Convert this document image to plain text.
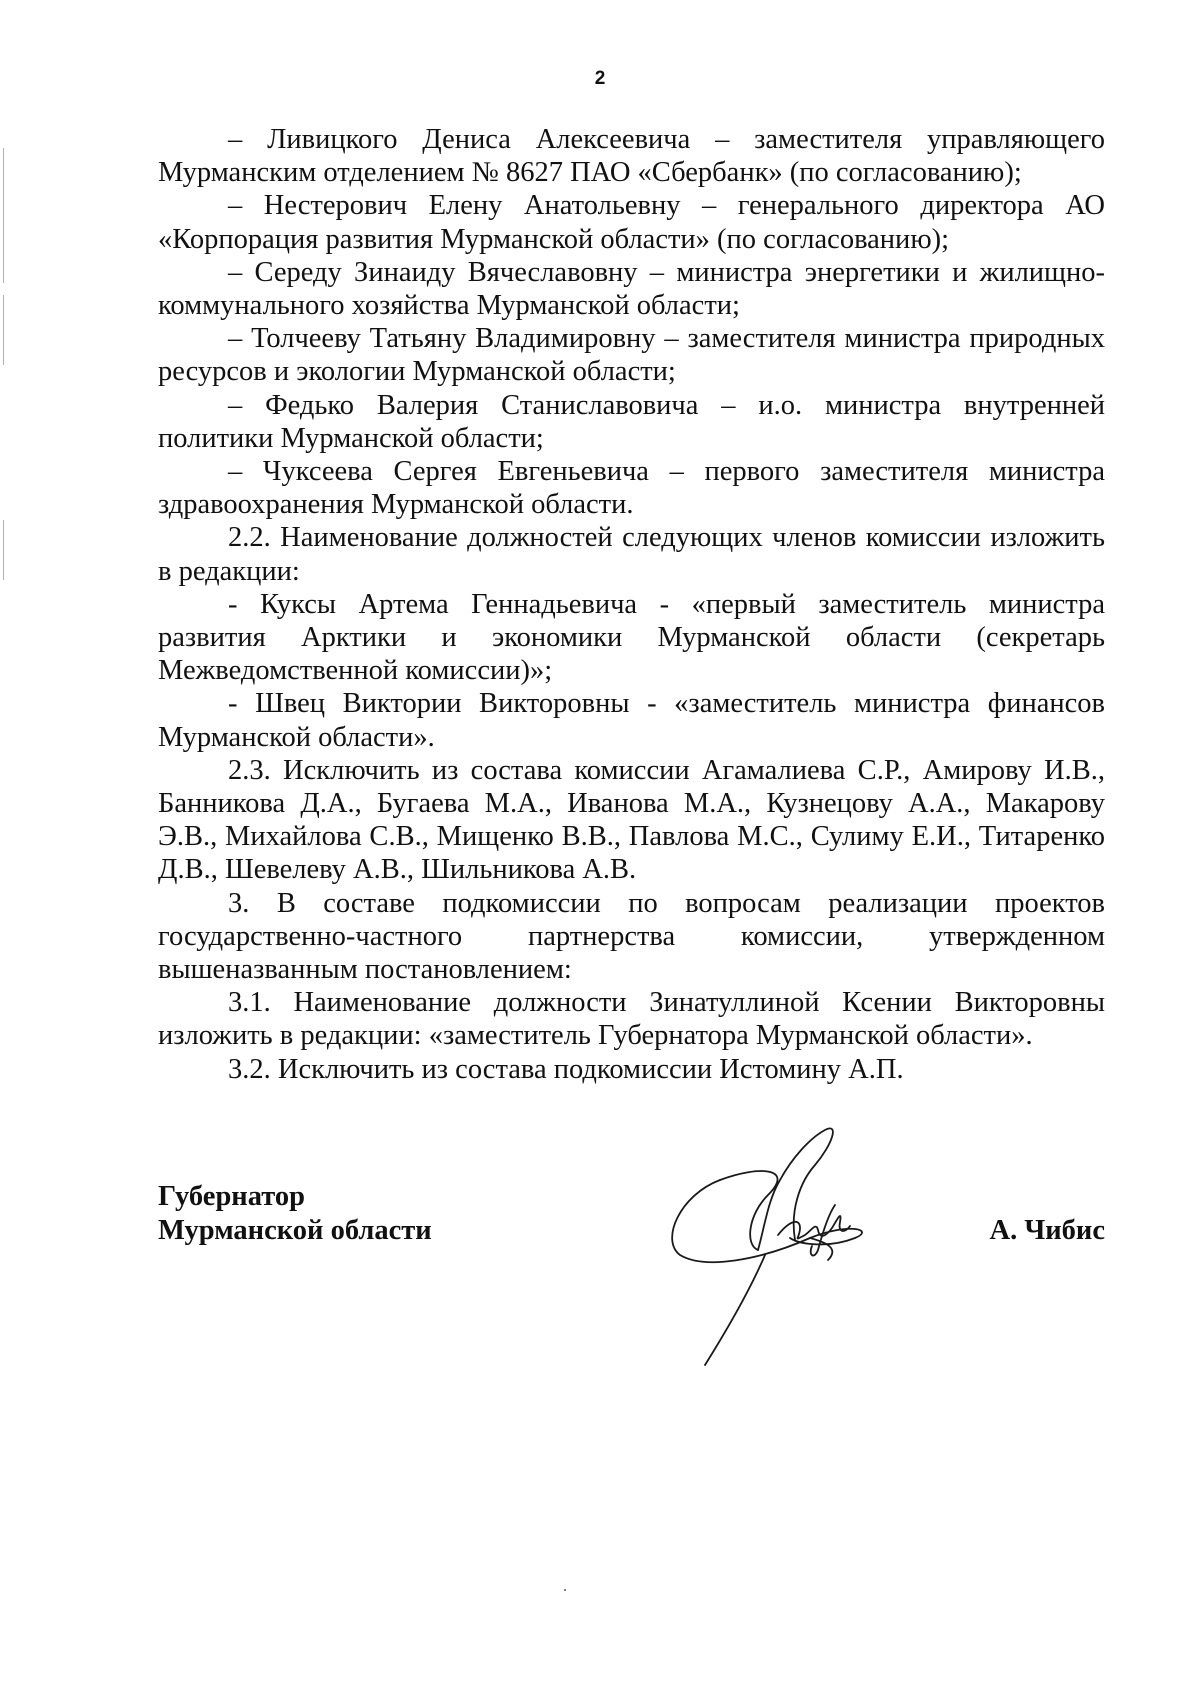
2

– Ливицкого Дениса Алексеевича – заместителя управляющего Мурманским отделением № 8627 ПАО «Сбербанк» (по согласованию);

– Нестерович Елену Анатольевну – генерального директора АО «Корпорация развития Мурманской области» (по согласованию);

– Середу Зинаиду Вячеславовну – министра энергетики и жилищно-коммунального хозяйства Мурманской области;

– Толчееву Татьяну Владимировну – заместителя министра природных ресурсов и экологии Мурманской области;

– Федько Валерия Станиславовича – и.о. министра внутренней политики Мурманской области;

– Чуксеева Сергея Евгеньевича – первого заместителя министра здравоохранения Мурманской области.

2.2. Наименование должностей следующих членов комиссии изложить в редакции:

- Куксы Артема Геннадьевича - «первый заместитель министра развития Арктики и экономики Мурманской области (секретарь Межведомственной комиссии)»;

- Швец Виктории Викторовны - «заместитель министра финансов Мурманской области».

2.3. Исключить из состава комиссии Агамалиева С.Р., Амирову И.В., Банникова Д.А., Бугаева М.А., Иванова М.А., Кузнецову А.А., Макарову Э.В., Михайлова С.В., Мищенко В.В., Павлова М.С., Сулиму Е.И., Титаренко Д.В., Шевелеву А.В., Шильникова А.В.

3. В составе подкомиссии по вопросам реализации проектов государственно-частного партнерства комиссии, утвержденном вышеназванным постановлением:

3.1. Наименование должности Зинатуллиной Ксении Викторовны изложить в редакции: «заместитель Губернатора Мурманской области».

3.2. Исключить из состава подкомиссии Истомину А.П.

Губернатор
Мурманской области	А. Чибис
